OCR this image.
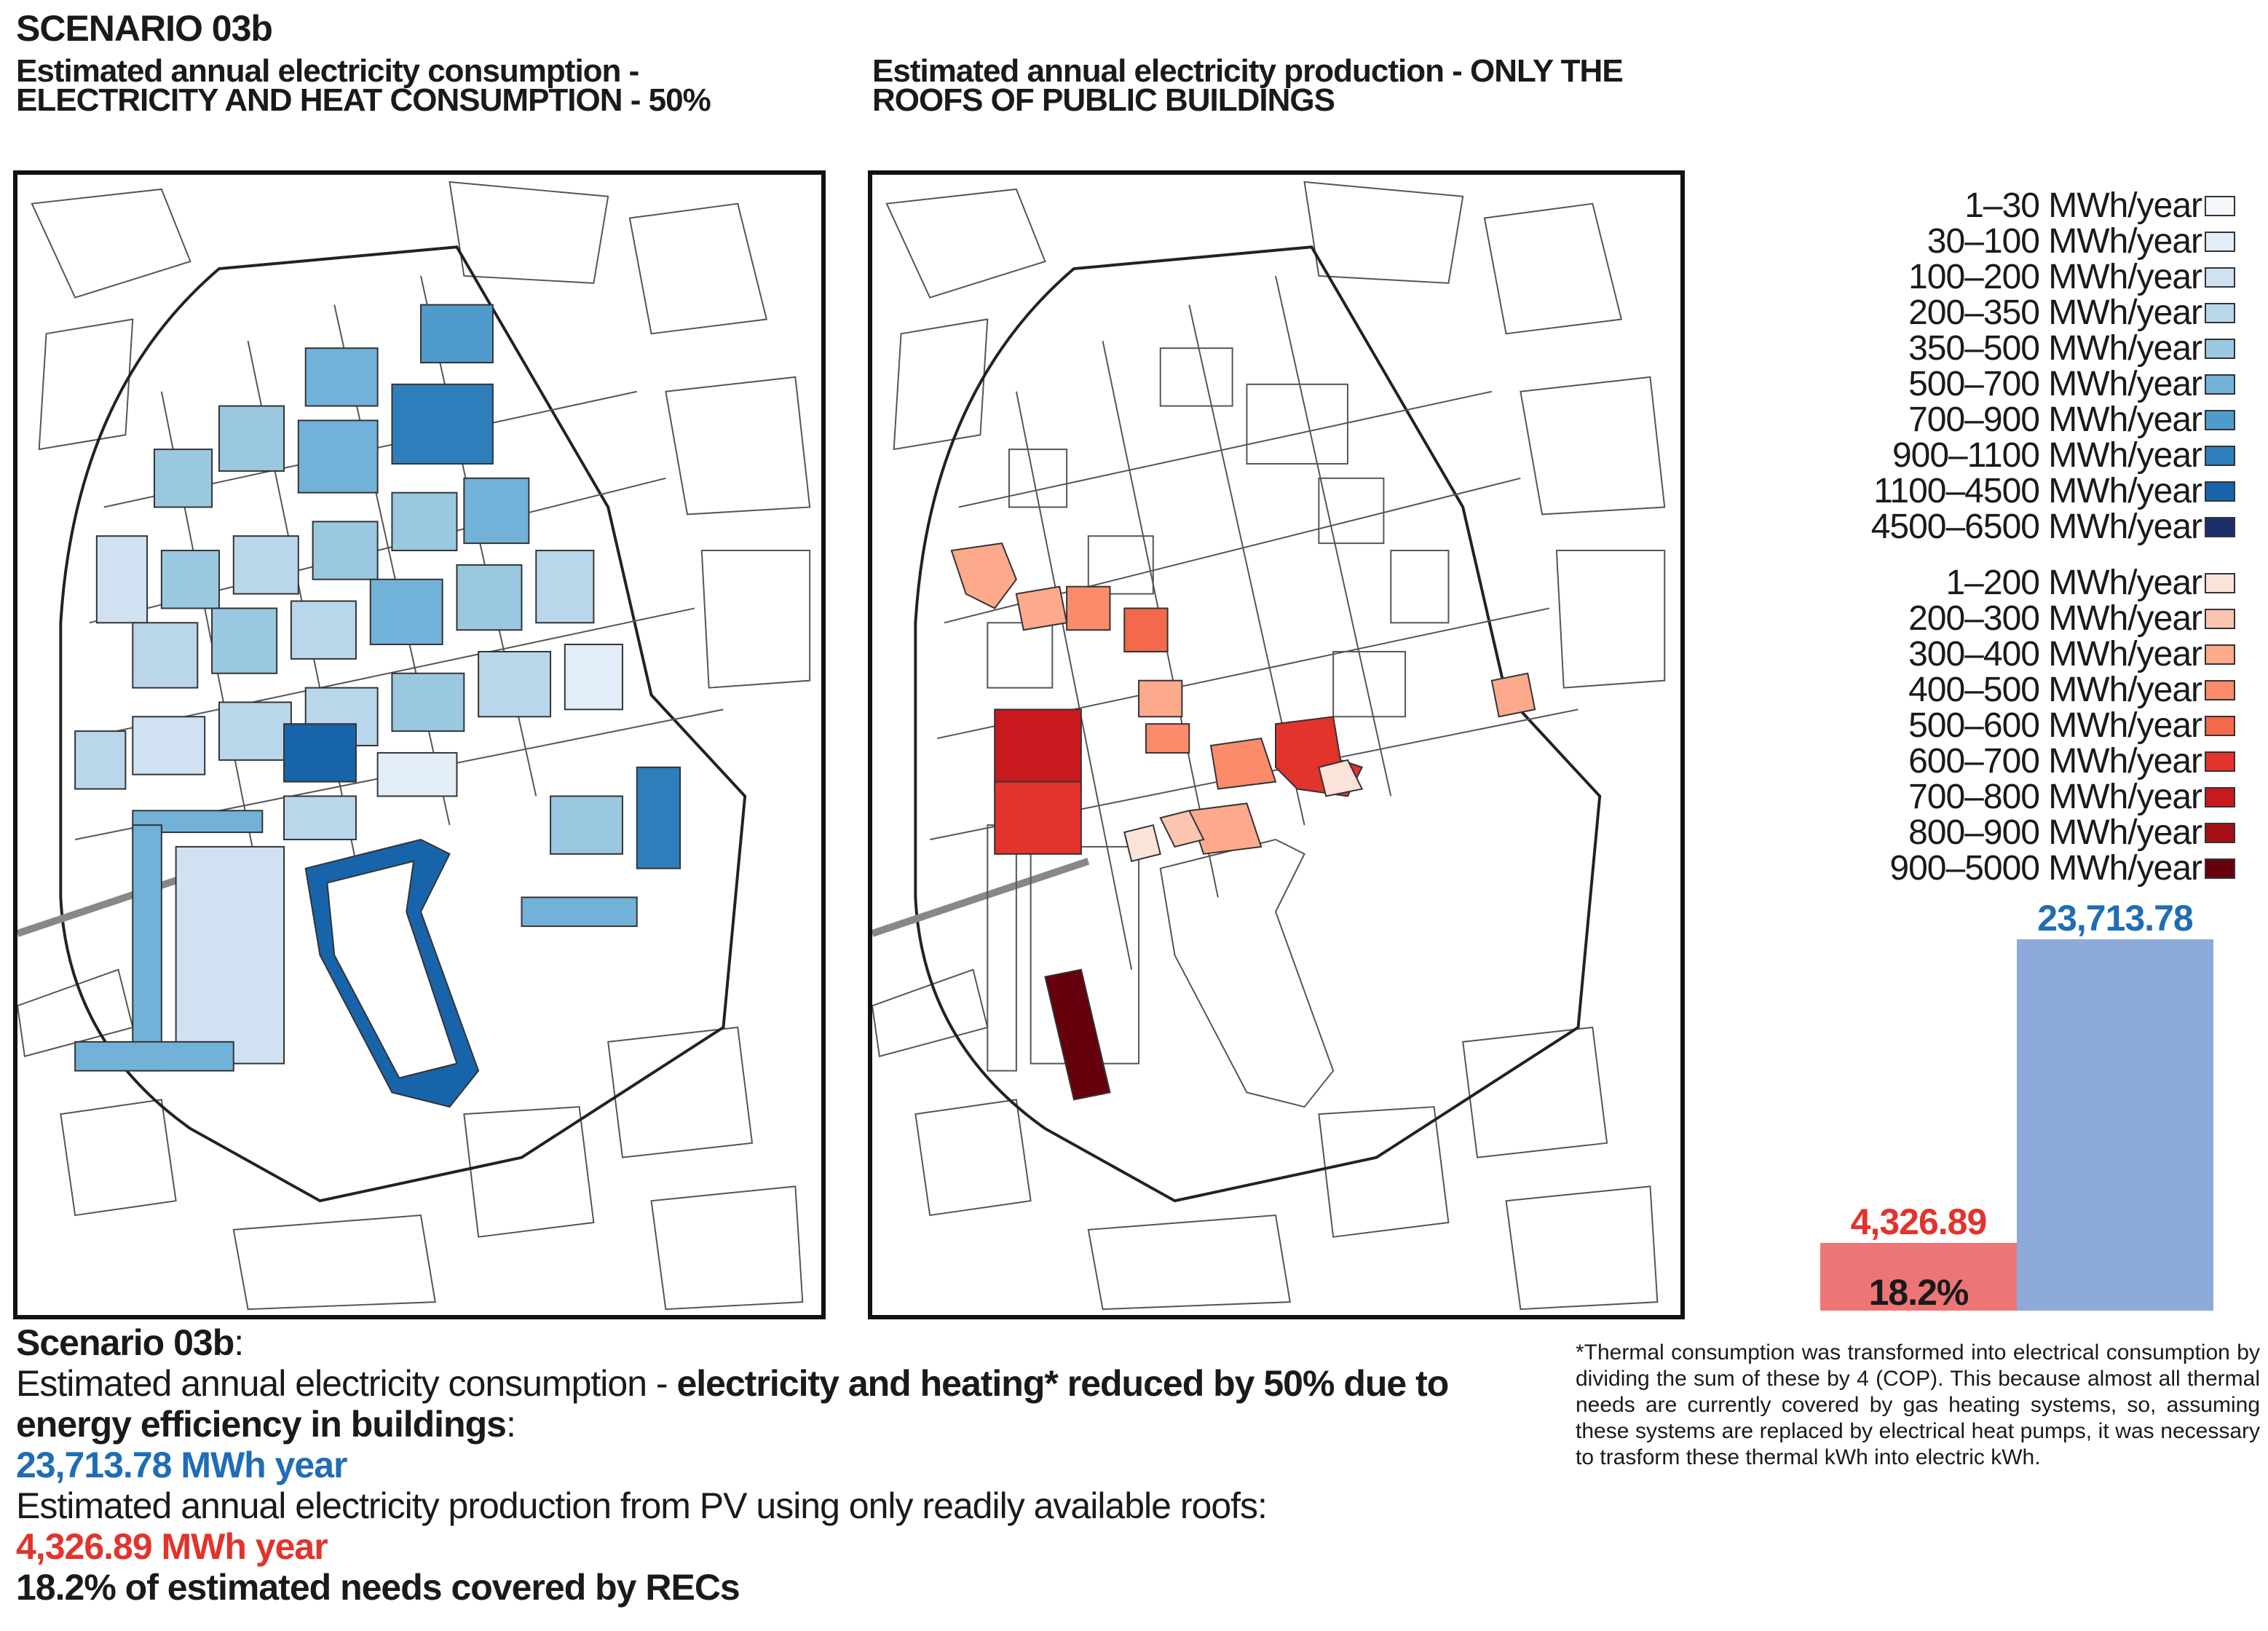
SCENARIO 03b
Estimated annual electricity consumption - ELECTRICITY AND HEAT CONSUMPTION - 50%
Estimated annual electricity production - ONLY THE ROOFS OF PUBLIC BUILDINGS
1–30 MWh/year
30–100 MWh/year
100–200 MWh/year
200–350 MWh/year
350–500 MWh/year
500–700 MWh/year
700–900 MWh/year
900–1100 MWh/year
1100–4500 MWh/year
4500–6500 MWh/year
1–200 MWh/year
200–300 MWh/year
300–400 MWh/year
400–500 MWh/year
500–600 MWh/year
600–700 MWh/year
700–800 MWh/year
800–900 MWh/year
900–5000 MWh/year
4,326.89
23,713.78
18.2%
Scenario 03b:
Estimated annual electricity consumption - electricity and heating* reduced by 50% due to energy efficiency in buildings:
23,713.78 MWh year
Estimated annual electricity production from PV using only readily available roofs:
4,326.89 MWh year
18.2% of estimated needs covered by RECs
*Thermal consumption was transformed into electrical consumption by dividing the sum of these by 4 (COP). This because almost all thermal needs are currently covered by gas heating systems, so, assuming these systems are replaced by electrical heat pumps, it was necessary to trasform these thermal kWh into electric kWh.
